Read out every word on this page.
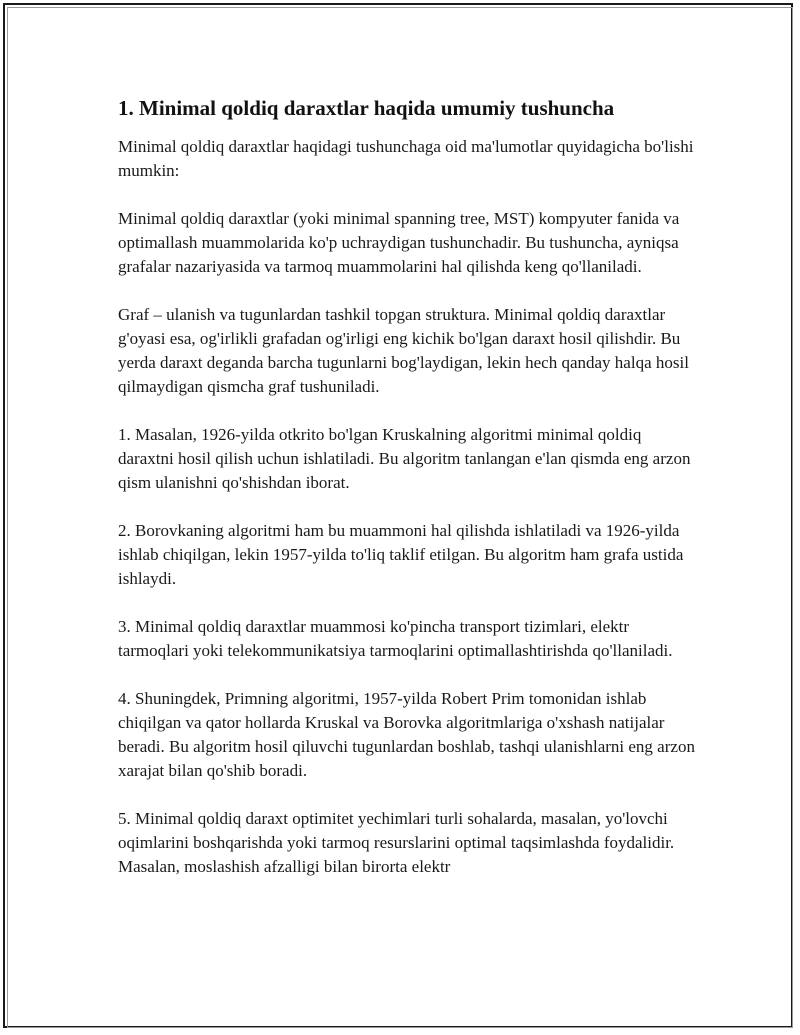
1. Minimal qoldiq daraxtlar haqida umumiy tushuncha

Minimal qoldiq daraxtlar haqidagi tushunchaga oid ma'lumotlar quyidagicha bo'lishi mumkin:

Minimal qoldiq daraxtlar (yoki minimal spanning tree, MST) kompyuter fanida va optimallash muammolarida ko'p uchraydigan tushunchadir. Bu tushuncha, ayniqsa grafalar nazariyasida va tarmoq muammolarini hal qilishda keng qo'llaniladi.

Graf – ulanish va tugunlardan tashkil topgan struktura. Minimal qoldiq daraxtlar g'oyasi esa, og'irlikli grafadan og'irligi eng kichik bo'lgan daraxt hosil qilishdir. Bu yerda daraxt deganda barcha tugunlarni bog'laydigan, lekin hech qanday halqa hosil qilmaydigan qismcha graf tushuniladi.

1. Masalan, 1926-yilda otkrito bo'lgan Kruskalning algoritmi minimal qoldiq daraxtni hosil qilish uchun ishlatiladi. Bu algoritm tanlangan e'lan qismda eng arzon qism ulanishni qo'shishdan iborat.

2. Borovkaning algoritmi ham bu muammoni hal qilishda ishlatiladi va 1926-yilda ishlab chiqilgan, lekin 1957-yilda to'liq taklif etilgan. Bu algoritm ham grafa ustida ishlaydi.

3. Minimal qoldiq daraxtlar muammosi ko'pincha transport tizimlari, elektr tarmoqlari yoki telekommunikatsiya tarmoqlarini optimallashtirishda qo'llaniladi.

4. Shuningdek, Primning algoritmi, 1957-yilda Robert Prim tomonidan ishlab chiqilgan va qator hollarda Kruskal va Borovka algoritmlariga o'xshash natijalar beradi. Bu algoritm hosil qiluvchi tugunlardan boshlab, tashqi ulanishlarni eng arzon xarajat bilan qo'shib boradi.

5. Minimal qoldiq daraxt optimitet yechimlari turli sohalarda, masalan, yo'lovchi oqimlarini boshqarishda yoki tarmoq resurslarini optimal taqsimlashda foydalidir. Masalan, moslashish afzalligi bilan birorta elektr
